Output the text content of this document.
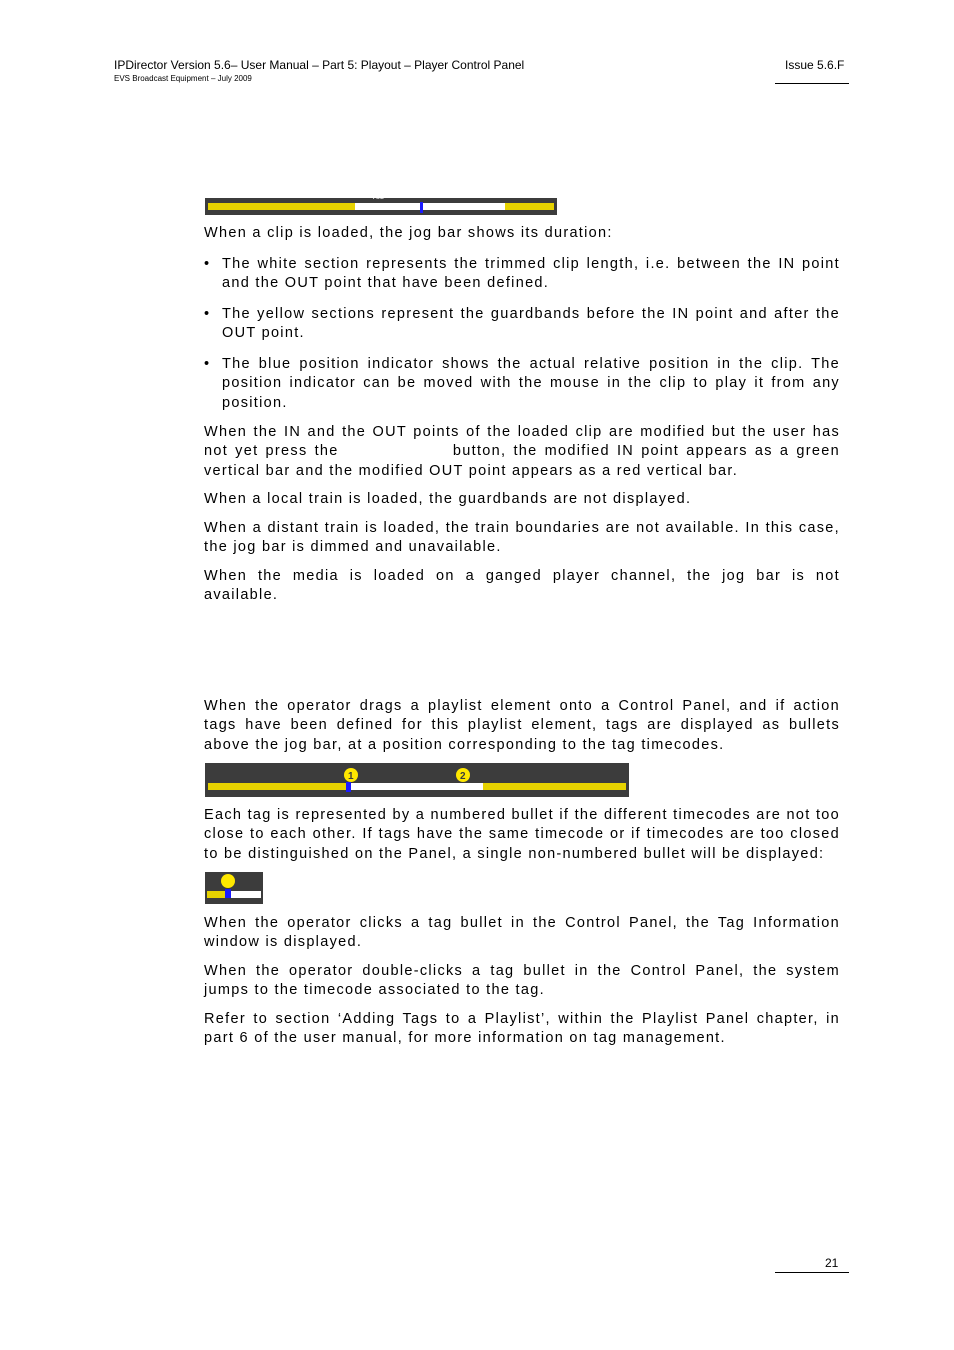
IPDirector Version 5.6– User Manual – Part 5: Playout – Player Control Panel
EVS Broadcast Equipment – July 2009
Issue 5.6.F
Yes

When a clip is loaded, the jog bar shows its duration:

• The white section represents the trimmed clip length, i.e. between the IN point and the OUT point that have been defined.
• The yellow sections represent the guardbands before the IN point and after the OUT point.
• The blue position indicator shows the actual relative position in the clip. The position indicator can be moved with the mouse in the clip to play it from any position.

When the IN and the OUT points of the loaded clip are modified but the user has not yet press the	button, the modified IN point appears as a green vertical bar and the modified OUT point appears as a red vertical bar.

When a local train is loaded, the guardbands are not displayed.

When a distant train is loaded, the train boundaries are not available. In this case, the jog bar is dimmed and unavailable.

When the media is loaded on a ganged player channel, the jog bar is not available.

When the operator drags a playlist element onto a Control Panel, and if action tags have been defined for this playlist element, tags are displayed as bullets above the jog bar, at a position corresponding to the tag timecodes.

1	2

Each tag is represented by a numbered bullet if the different timecodes are not too close to each other. If tags have the same timecode or if timecodes are too closed to be distinguished on the Panel, a single non-numbered bullet will be displayed:

When the operator clicks a tag bullet in the Control Panel, the Tag Information window is displayed.

When the operator double-clicks a tag bullet in the Control Panel, the system jumps to the timecode associated to the tag.

Refer to section ‘Adding Tags to a Playlist’, within the Playlist Panel chapter, in part 6 of the user manual, for more information on tag management.

21
